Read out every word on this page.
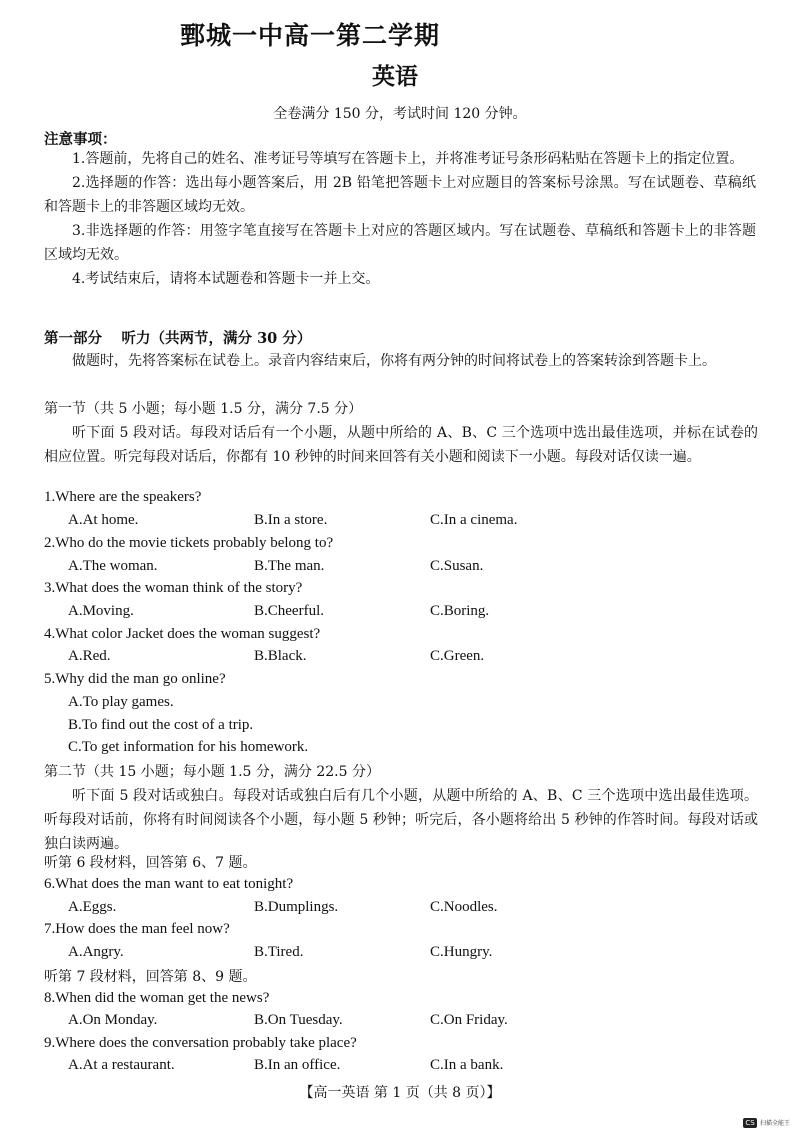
鄄城一中高一第二学期
英语
全卷满分 150 分，考试时间 120 分钟。
注意事项：

1.答题前，先将自己的姓名、准考证号等填写在答题卡上，并将准考证号条形码粘贴在答题卡上的指定位置。

2.选择题的作答：选出每小题答案后，用 2B 铅笔把答题卡上对应题目的答案标号涂黑。写在试题卷、草稿纸和答题卡上的非答题区域均无效。

3.非选择题的作答：用签字笔直接写在答题卡上对应的答题区域内。写在试题卷、草稿纸和答题卡上的非答题区域均无效。

4.考试结束后，请将本试题卷和答题卡一并上交。

第一部分　 听力（共两节，满分 30 分）
做题时，先将答案标在试卷上。录音内容结束后，你将有两分钟的时间将试卷上的答案转涂到答题卡上。
第一节（共 5 小题；每小题 1.5 分，满分 7.5 分）
听下面 5 段对话。每段对话后有一个小题，从题中所给的 A、B、C 三个选项中选出最佳选项，并标在试卷的相应位置。听完每段对话后，你都有 10 秒钟的时间来回答有关小题和阅读下一小题。每段对话仅读一遍。
1.Where are the speakers?
A.At home.	B.In a store.	C.In a cinema.
2.Who do the movie tickets probably belong to?
A.The woman.	B.The man.	C.Susan.
3.What does the woman think of the story?
A.Moving.	B.Cheerful.	C.Boring.
4.What color Jacket does the woman suggest?
A.Red.	B.Black.	C.Green.
5.Why did the man go online?
A.To play games.
B.To find out the cost of a trip.
C.To get information for his homework.
第二节（共 15 小题；每小题 1.5 分，满分 22.5 分）
听下面 5 段对话或独白。每段对话或独白后有几个小题，从题中所给的 A、B、C 三个选项中选出最佳选项。听每段对话前，你将有时间阅读各个小题，每小题 5 秒钟；听完后，各小题将给出 5 秒钟的作答时间。每段对话或独白读两遍。
听第 6 段材料，回答第 6、7 题。
6.What does the man want to eat tonight?
A.Eggs.	B.Dumplings.	C.Noodles.
7.How does the man feel now?
A.Angry.	B.Tired.	C.Hungry.
听第 7 段材料，回答第 8、9 题。
8.When did the woman get the news?
A.On Monday.	B.On Tuesday.	C.On Friday.
9.Where does the conversation probably take place?
A.At a restaurant.	B.In an office.	C.In a bank.
【高一英语 第 1 页（共 8 页）】
CS 扫描全能王
